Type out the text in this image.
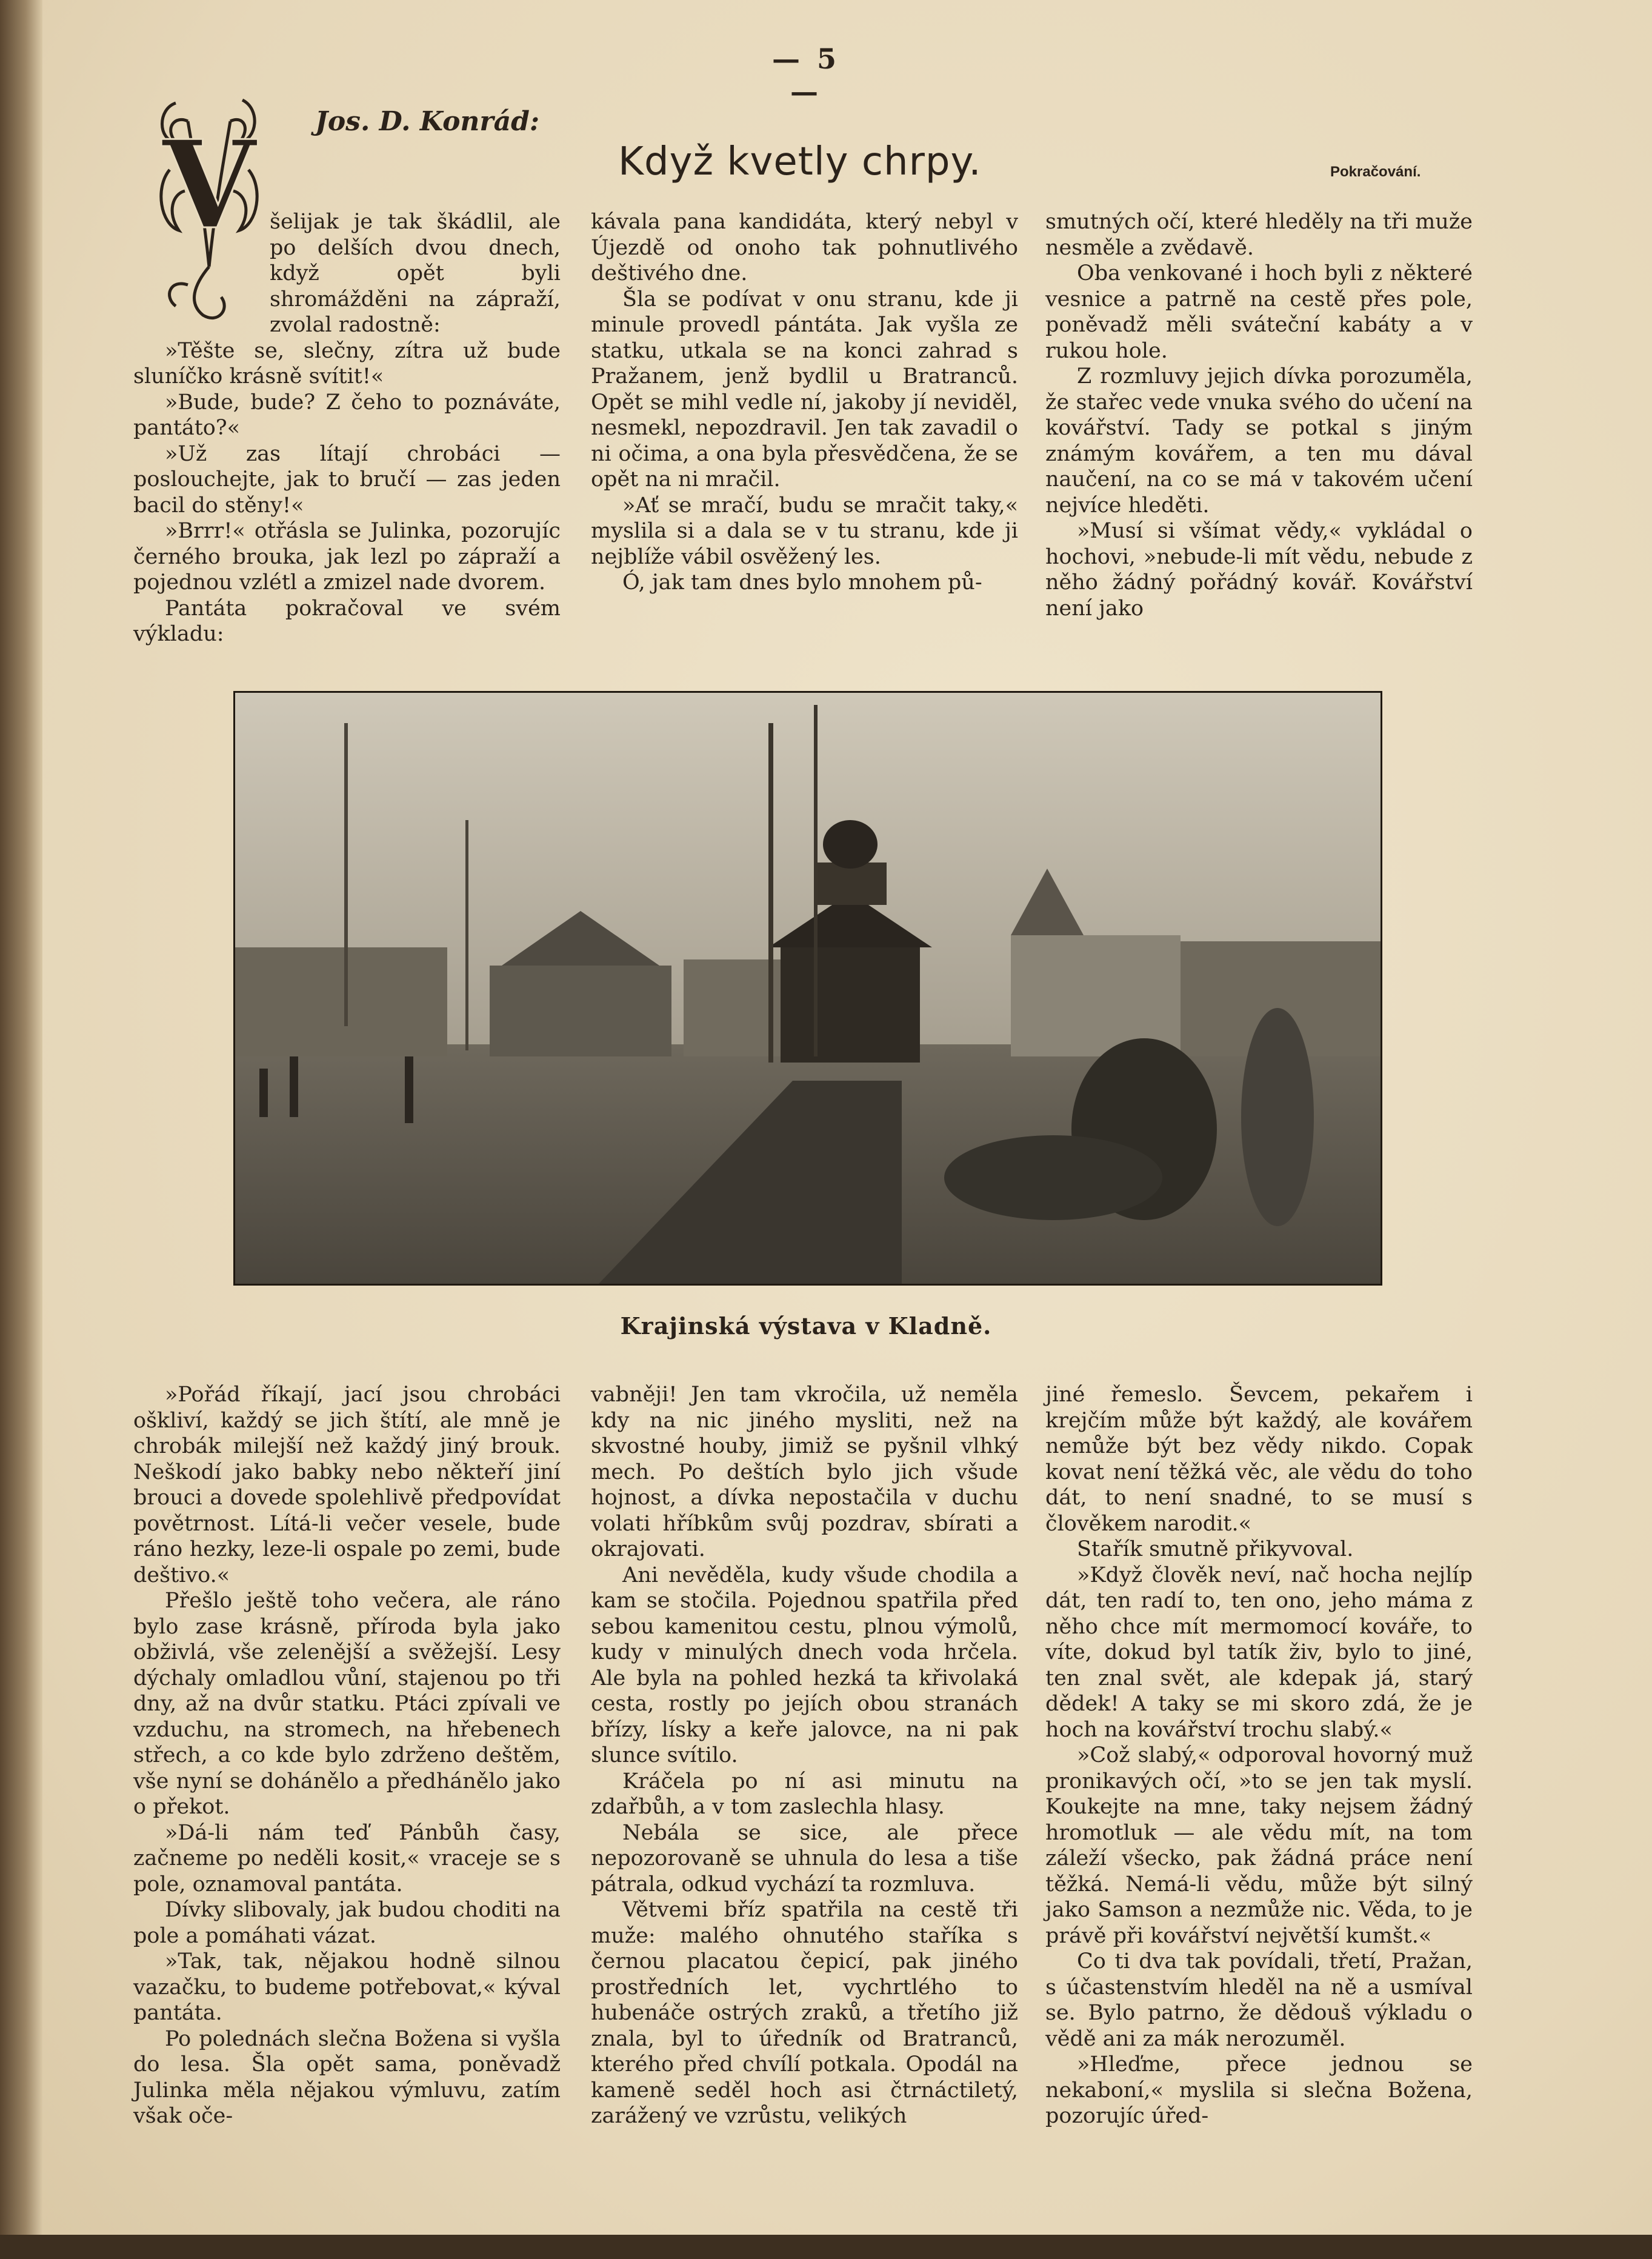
— 5 —
Jos. D. Konrád:
Když kvetly chrpy.	Pokračování.
V šelijak je tak škádlil, ale po delších dvou dnech, když opět byli shromážděni na zápraží, zvolal radostně:

»Těšte se, slečny, zítra už bude sluníčko krásně svítit!«

»Bude, bude? Z čeho to poznáváte, pantáto?«

»Už zas lítají chrobáci — poslouchejte, jak to bručí — zas jeden bacil do stěny!«

»Brrr!« otřásla se Julinka, pozorujíc černého brouka, jak lezl po zápraží a pojednou vzlétl a zmizel nade dvorem.

Pantáta pokračoval ve svém výkladu:

kávala pana kandidáta, který nebyl v Újezdě od onoho tak pohnutlivého deštivého dne.

Šla se podívat v onu stranu, kde ji minule provedl pántáta. Jak vyšla ze statku, utkala se na konci zahrad s Pražanem, jenž bydlil u Bratranců. Opět se mihl vedle ní, jakoby jí neviděl, nesmekl, nepozdravil. Jen tak zavadil o ni očima, a ona byla přesvědčena, že se opět na ni mračil.

»Ať se mračí, budu se mračit taky,« myslila si a dala se v tu stranu, kde ji nejblíže vábil osvěžený les.

Ó, jak tam dnes bylo mnohem pů-

smutných očí, které hleděly na tři muže nesměle a zvědavě.

Oba venkované i hoch byli z některé vesnice a patrně na cestě přes pole, poněvadž měli sváteční kabáty a v rukou hole.

Z rozmluvy jejich dívka porozuměla, že stařec vede vnuka svého do učení na kovářství. Tady se potkal s jiným známým kovářem, a ten mu dával naučení, na co se má v takovém učení nejvíce hleděti.

»Musí si všímat vědy,« vykládal o hochovi, »nebude-li mít vědu, nebude z něho žádný pořádný kovář. Kovářství není jako

Krajinská výstava v Kladně.

»Pořád říkají, jací jsou chrobáci oškliví, každý se jich štítí, ale mně je chrobák milejší než každý jiný brouk. Neškodí jako babky nebo někteří jiní brouci a dovede spolehlivě předpovídat povětrnost. Lítá-li večer vesele, bude ráno hezky, leze-li ospale po zemi, bude deštivo.«

Přešlo ještě toho večera, ale ráno bylo zase krásně, příroda byla jako obživlá, vše zelenější a svěžejší. Lesy dýchaly omladlou vůní, stajenou po tři dny, až na dvůr statku. Ptáci zpívali ve vzduchu, na stromech, na hřebenech střech, a co kde bylo zdrženo deštěm, vše nyní se dohánělo a předhánělo jako o překot.

»Dá-li nám teď Pánbůh časy, začneme po neděli kosit,« vraceje se s pole, oznamoval pantáta.

Dívky slibovaly, jak budou choditi na pole a pomáhati vázat.

»Tak, tak, nějakou hodně silnou vazačku, to budeme potřebovat,« kýval pantáta.

Po polednách slečna Božena si vyšla do lesa. Šla opět sama, poněvadž Julinka měla nějakou výmluvu, zatím však oče-

vabněji! Jen tam vkročila, už neměla kdy na nic jiného mysliti, než na skvostné houby, jimiž se pyšnil vlhký mech. Po deštích bylo jich všude hojnost, a dívka nepostačila v duchu volati hříbkům svůj pozdrav, sbírati a okrajovati.

Ani nevěděla, kudy všude chodila a kam se stočila. Pojednou spatřila před sebou kamenitou cestu, plnou výmolů, kudy v minulých dnech voda hrčela. Ale byla na pohled hezká ta křivolaká cesta, rostly po jejích obou stranách břízy, lísky a keře jalovce, na ni pak slunce svítilo.

Kráčela po ní asi minutu na zdařbůh, a v tom zaslechla hlasy.

Nebála se sice, ale přece nepozorovaně se uhnula do lesa a tiše pátrala, odkud vychází ta rozmluva.

Větvemi bříz spatřila na cestě tři muže: malého ohnutého staříka s černou placatou čepicí, pak jiného prostředních let, vychrtlého to hubenáče ostrých zraků, a třetího již znala, byl to úředník od Bratranců, kterého před chvílí potkala. Opodál na kameně seděl hoch asi čtrnáctiletý, zarážený ve vzrůstu, velikých

jiné řemeslo. Ševcem, pekařem i krejčím může být každý, ale kovářem nemůže být bez vědy nikdo. Copak kovat není těžká věc, ale vědu do toho dát, to není snadné, to se musí s člověkem narodit.«

Stařík smutně přikyvoval.

»Když člověk neví, nač hocha nejlíp dát, ten radí to, ten ono, jeho máma z něho chce mít mermomocí kováře, to víte, dokud byl tatík živ, bylo to jiné, ten znal svět, ale kdepak já, starý dědek! A taky se mi skoro zdá, že je hoch na kovářství trochu slabý.«

»Což slabý,« odporoval hovorný muž pronikavých očí, »to se jen tak myslí. Koukejte na mne, taky nejsem žádný hromotluk — ale vědu mít, na tom záleží všecko, pak žádná práce není těžká. Nemá-li vědu, může být silný jako Samson a nezmůže nic. Věda, to je právě při kovářství největší kumšt.«

Co ti dva tak povídali, třetí, Pražan, s účastenstvím hleděl na ně a usmíval se. Bylo patrno, že dědouš výkladu o vědě ani za mák nerozuměl.

»Hleďme, přece jednou se nekaboní,« myslila si slečna Božena, pozorujíc úřed-
